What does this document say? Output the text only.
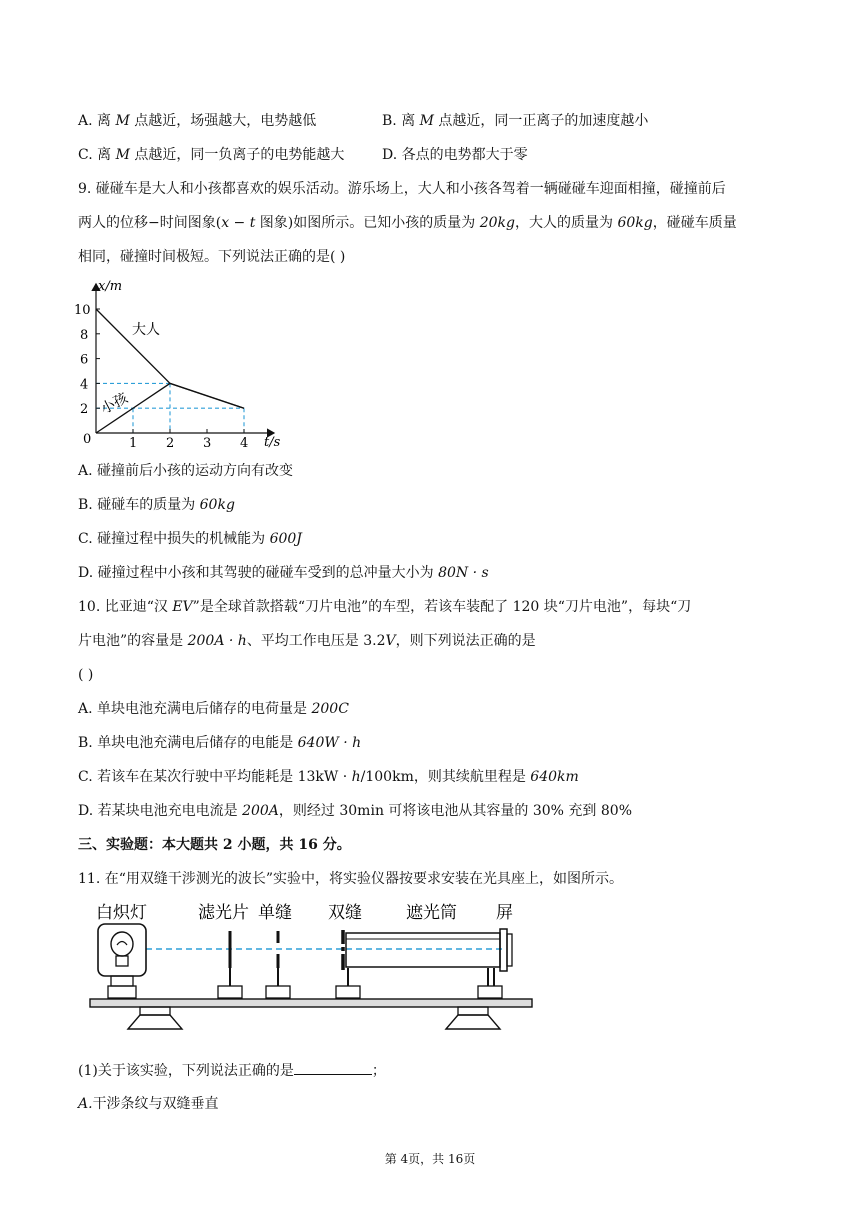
A. 离 M 点越近，场强越大，电势越低	B. 离 M 点越近，同一正离子的加速度越小
C. 离 M 点越近，同一负离子的电势能越大	D. 各点的电势都大于零
9. 碰碰车是大人和小孩都喜欢的娱乐活动。游乐场上，大人和小孩各驾着一辆碰碰车迎面相撞，碰撞前后
两人的位移−时间图象(x − t 图象)如图所示。已知小孩的质量为 20kg，大人的质量为 60kg，碰碰车质量
相同，碰撞时间极短。下列说法正确的是( )
2
4
6
8
10
1 2 3 4
x/m
t/s
0
大人
小孩
A. 碰撞前后小孩的运动方向有改变
B. 碰碰车的质量为 60kg
C. 碰撞过程中损失的机械能为 600J
D. 碰撞过程中小孩和其驾驶的碰碰车受到的总冲量大小为 80N · s
10. 比亚迪“汉 EV”是全球首款搭载“刀片电池”的车型，若该车装配了 120 块“刀片电池”，每块“刀
片电池”的容量是 200A · h、平均工作电压是 3.2V，则下列说法正确的是
( )
A. 单块电池充满电后储存的电荷量是 200C
B. 单块电池充满电后储存的电能是 640W · h
C. 若该车在某次行驶中平均能耗是 13kW · h/100km，则其续航里程是 640km
D. 若某块电池充电电流是 200A，则经过 30min 可将该电池从其容量的 30% 充到 80%
三、实验题：本大题共 2 小题，共 16 分。
11. 在“用双缝干涉测光的波长”实验中，将实验仪器按要求安装在光具座上，如图所示。
白炽灯	滤光片 单缝 双缝	遮光筒 屏
(1)关于该实验，下列说法正确的是	；
A.干涉条纹与双缝垂直
第 4页，共 16页
